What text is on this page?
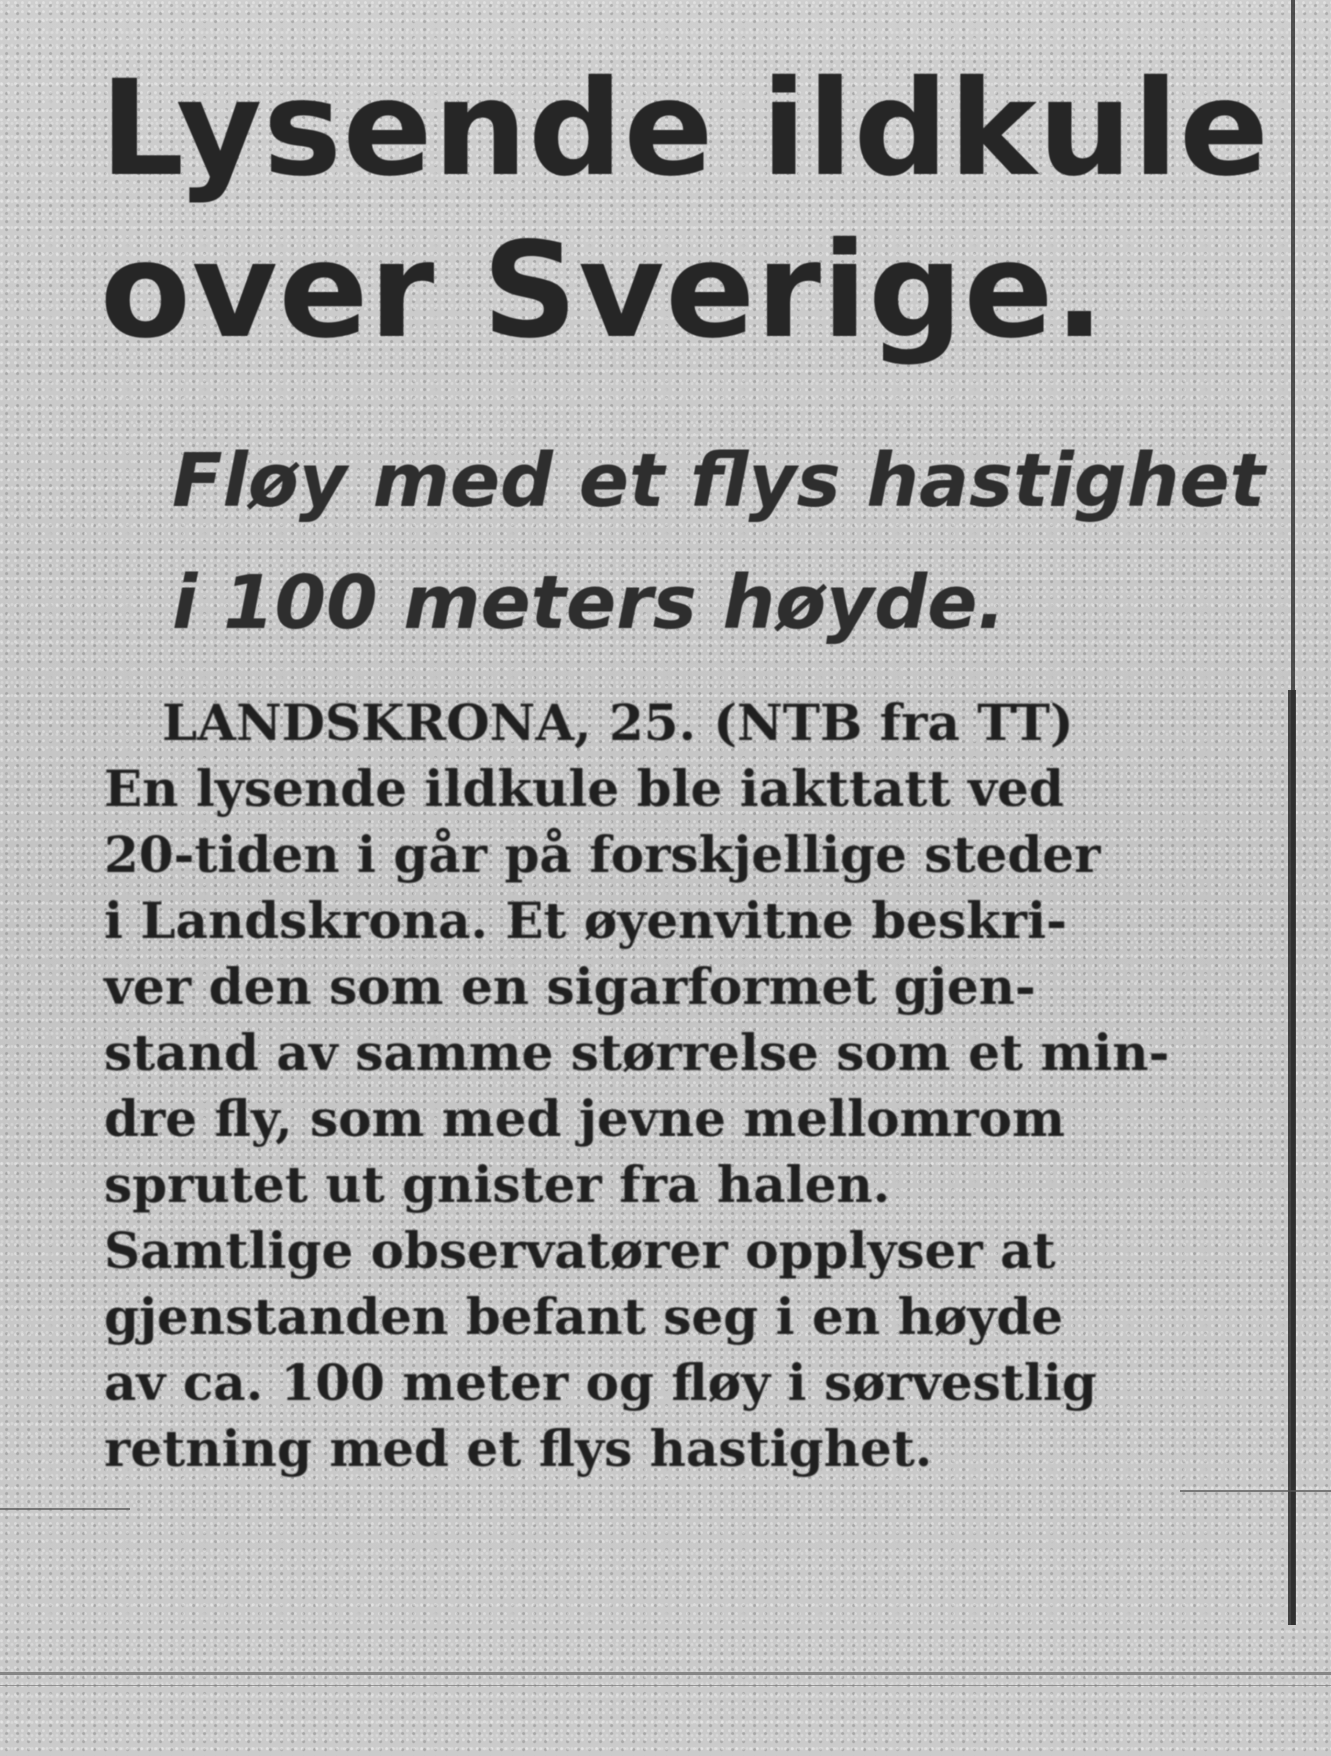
Lysende ildkule
over Sverige.
Fløy med et flys hastighet
i 100 meters høyde.
LANDSKRONA, 25. (NTB fra TT)
En lysende ildkule ble iakttatt ved
20-tiden i går på forskjellige steder
i Landskrona. Et øyenvitne beskri-
ver den som en sigarformet gjen-
stand av samme størrelse som et min-
dre fly, som med jevne mellomrom
sprutet ut gnister fra halen.
Samtlige observatører opplyser at
gjenstanden befant seg i en høyde
av ca. 100 meter og fløy i sørvestlig
retning med et flys hastighet.
